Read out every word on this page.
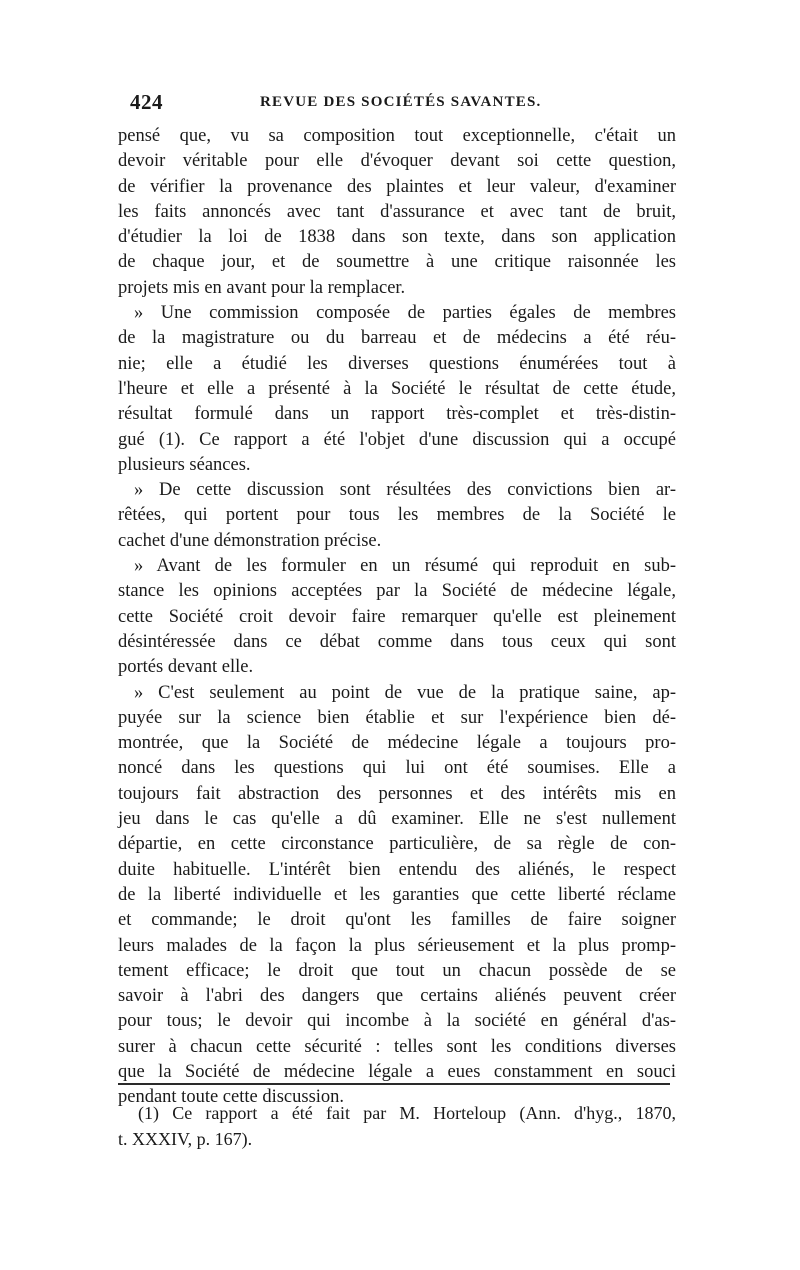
424	REVUE DES SOCIÉTÉS SAVANTES.
pensé que, vu sa composition tout exceptionnelle, c'était un
devoir véritable pour elle d'évoquer devant soi cette question,
de vérifier la provenance des plaintes et leur valeur, d'examiner
les faits annoncés avec tant d'assurance et avec tant de bruit,
d'étudier la loi de 1838 dans son texte, dans son application
de chaque jour, et de soumettre à une critique raisonnée les
projets mis en avant pour la remplacer.
» Une commission composée de parties égales de membres
de la magistrature ou du barreau et de médecins a été réu-
nie; elle a étudié les diverses questions énumérées tout à
l'heure et elle a présenté à la Société le résultat de cette étude,
résultat formulé dans un rapport très-complet et très-distin-
gué (1). Ce rapport a été l'objet d'une discussion qui a occupé
plusieurs séances.
» De cette discussion sont résultées des convictions bien ar-
rêtées, qui portent pour tous les membres de la Société le
cachet d'une démonstration précise.
» Avant de les formuler en un résumé qui reproduit en sub-
stance les opinions acceptées par la Société de médecine légale,
cette Société croit devoir faire remarquer qu'elle est pleinement
désintéressée dans ce débat comme dans tous ceux qui sont
portés devant elle.
» C'est seulement au point de vue de la pratique saine, ap-
puyée sur la science bien établie et sur l'expérience bien dé-
montrée, que la Société de médecine légale a toujours pro-
noncé dans les questions qui lui ont été soumises. Elle a
toujours fait abstraction des personnes et des intérêts mis en
jeu dans le cas qu'elle a dû examiner. Elle ne s'est nullement
départie, en cette circonstance particulière, de sa règle de con-
duite habituelle. L'intérêt bien entendu des aliénés, le respect
de la liberté individuelle et les garanties que cette liberté réclame
et commande; le droit qu'ont les familles de faire soigner
leurs malades de la façon la plus sérieusement et la plus promp-
tement efficace; le droit que tout un chacun possède de se
savoir à l'abri des dangers que certains aliénés peuvent créer
pour tous; le devoir qui incombe à la société en général d'as-
surer à chacun cette sécurité : telles sont les conditions diverses
que la Société de médecine légale a eues constamment en souci
pendant toute cette discussion.
(1) Ce rapport a été fait par M. Horteloup (Ann. d'hyg., 1870,
t. XXXIV, p. 167).
